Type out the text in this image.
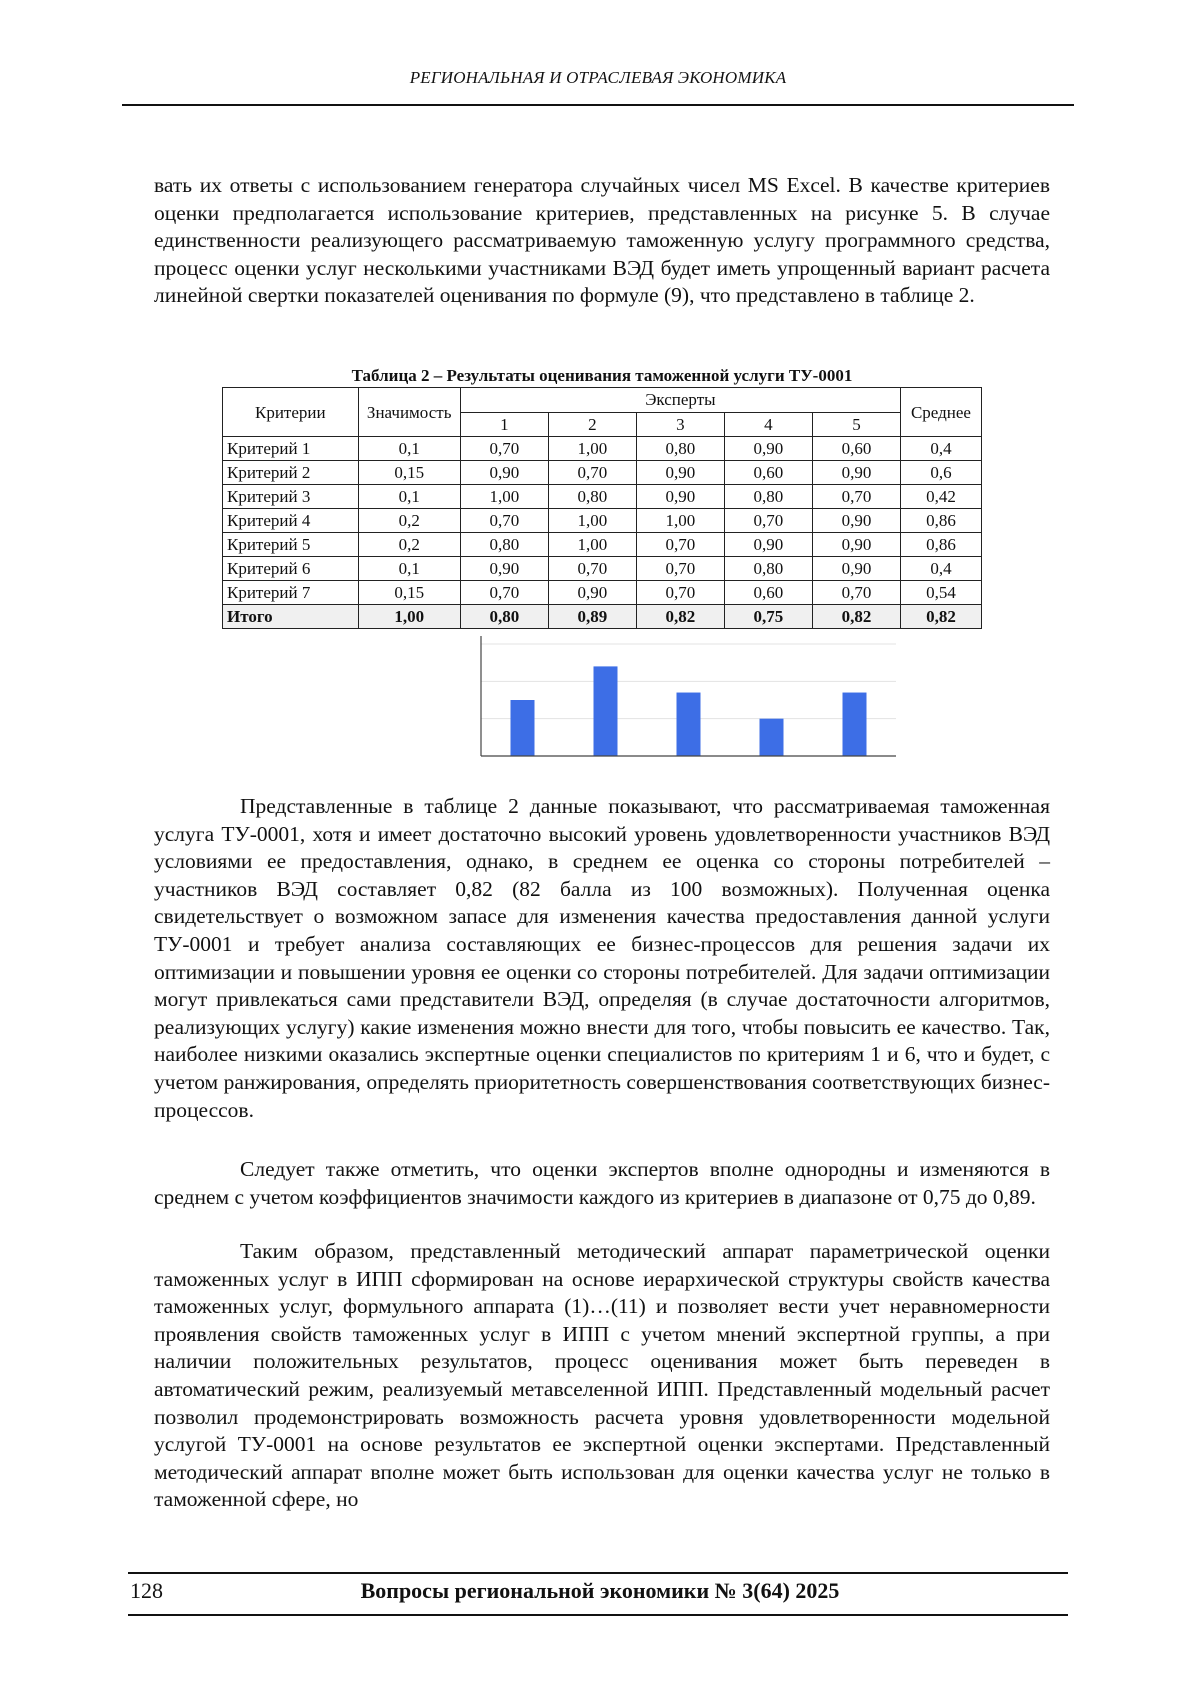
РЕГИОНАЛЬНАЯ И ОТРАСЛЕВАЯ ЭКОНОМИКА

вать их ответы с использованием генератора случайных чисел MS Excel. В качестве критериев оценки предполагается использование критериев, представленных на рисунке 5. В случае единственности реализующего рассматриваемую таможенную услугу программного средства, процесс оценки услуг несколькими участниками ВЭД будет иметь упрощенный вариант расчета линейной свертки показателей оценивания по формуле (9), что представлено в таблице 2.

Таблица 2 – Результаты оценивания таможенной услуги ТУ-0001
Критерии	Значимость	Эксперты					Среднее
		1	2	3	4	5	
Критерий 1	0,1	0,70	1,00	0,80	0,90	0,60	0,4
Критерий 2	0,15	0,90	0,70	0,90	0,60	0,90	0,6
Критерий 3	0,1	1,00	0,80	0,90	0,80	0,70	0,42
Критерий 4	0,2	0,70	1,00	1,00	0,70	0,90	0,86
Критерий 5	0,2	0,80	1,00	0,70	0,90	0,90	0,86
Критерий 6	0,1	0,90	0,70	0,70	0,80	0,90	0,4
Критерий 7	0,15	0,70	0,90	0,70	0,60	0,70	0,54
Итого	1,00	0,80	0,89	0,82	0,75	0,82	0,82

Представленные в таблице 2 данные показывают, что рассматриваемая таможенная услуга ТУ-0001, хотя и имеет достаточно высокий уровень удовлетворенности участников ВЭД условиями ее предоставления, однако, в среднем ее оценка со стороны потребителей – участников ВЭД составляет 0,82 (82 балла из 100 возможных). Полученная оценка свидетельствует о возможном запасе для изменения качества предоставления данной услуги ТУ-0001 и требует анализа составляющих ее бизнес-процессов для решения задачи их оптимизации и повышении уровня ее оценки со стороны потребителей. Для задачи оптимизации могут привлекаться сами представители ВЭД, определяя (в случае достаточности алгоритмов, реализующих услугу) какие изменения можно внести для того, чтобы повысить ее качество. Так, наиболее низкими оказались экспертные оценки специалистов по критериям 1 и 6, что и будет, с учетом ранжирования, определять приоритетность совершенствования соответствующих бизнес-процессов.

Следует также отметить, что оценки экспертов вполне однородны и изменяются в среднем с учетом коэффициентов значимости каждого из критериев в диапазоне от 0,75 до 0,89.

Таким образом, представленный методический аппарат параметрической оценки таможенных услуг в ИПП сформирован на основе иерархической структуры свойств качества таможенных услуг, формульного аппарата (1)…(11) и позволяет вести учет неравномерности проявления свойств таможенных услуг в ИПП с учетом мнений экспертной группы, а при наличии положительных результатов, процесс оценивания может быть переведен в автоматический режим, реализуемый метавселенной ИПП. Представленный модельный расчет позволил продемонстрировать возможность расчета уровня удовлетворенности модельной услугой ТУ-0001 на основе результатов ее экспертной оценки экспертами. Представленный методический аппарат вполне может быть использован для оценки качества услуг не только в таможенной сфере, но

128	Вопросы региональной экономики № 3(64) 2025
